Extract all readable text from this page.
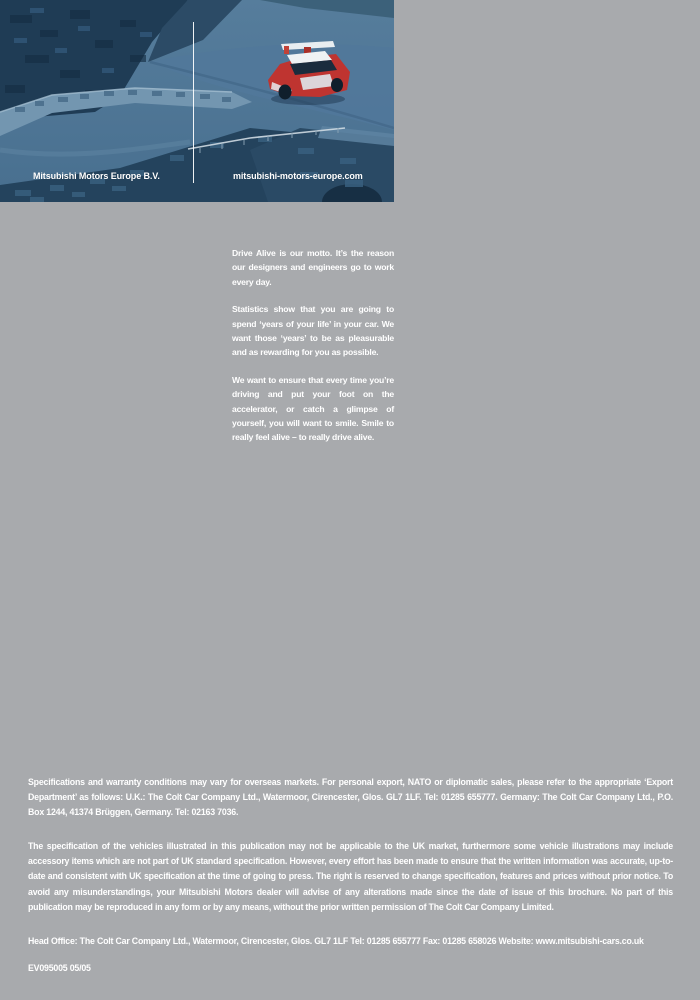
Mitsubishi Motors Europe B.V.	mitsubishi-motors-europe.com

Drive Alive is our motto. It’s the reason our designers and engineers go to work every day.

Statistics show that you are going to spend ‘years of your life’ in your car. We want those ‘years’ to be as pleasurable and as rewarding for you as possible.

We want to ensure that every time you’re driving and put your foot on the accelerator, or catch a glimpse of yourself, you will want to smile. Smile to really feel alive – to really drive alive.

Specifications and warranty conditions may vary for overseas markets. For personal export, NATO or diplomatic sales, please refer to the appropriate ‘Export Department’ as follows: U.K.: The Colt Car Company Ltd., Watermoor, Cirencester, Glos. GL7 1LF. Tel: 01285 655777. Germany: The Colt Car Company Ltd., P.O. Box 1244, 41374 Brüggen, Germany. Tel: 02163 7036.

The specification of the vehicles illustrated in this publication may not be applicable to the UK market, furthermore some vehicle illustrations may include accessory items which are not part of UK standard specification. However, every effort has been made to ensure that the written information was accurate, up-to-date and consistent with UK specification at the time of going to press. The right is reserved to change specification, features and prices without prior notice. To avoid any misunderstandings, your Mitsubishi Motors dealer will advise of any alterations made since the date of issue of this brochure. No part of this publication may be reproduced in any form or by any means, without the prior written permission of The Colt Car Company Limited.

Head Office: The Colt Car Company Ltd., Watermoor, Cirencester, Glos. GL7 1LF Tel: 01285 655777 Fax: 01285 658026 Website: www.mitsubishi-cars.co.uk

EV095005 05/05
